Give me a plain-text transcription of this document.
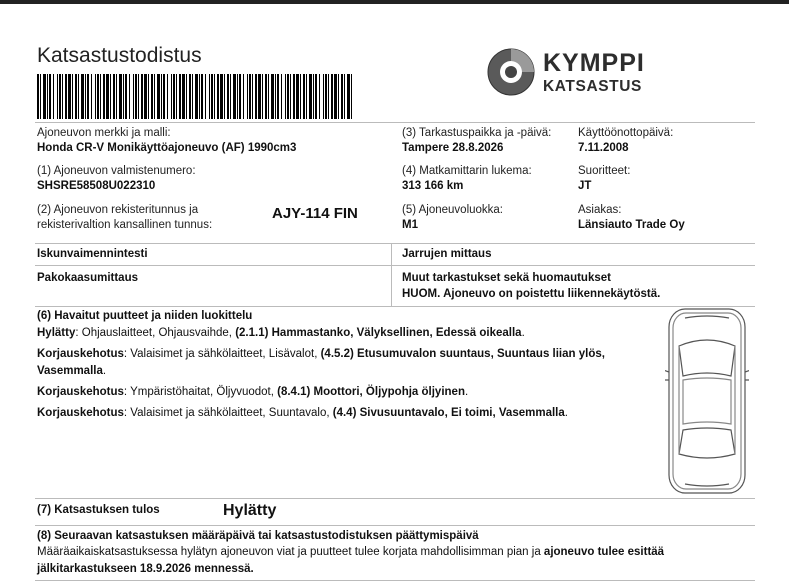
Katsastustodistus	KYMPPI
KATSASTUS
Ajoneuvon merkki ja malli:
Honda CR-V Monikäyttöajoneuvo (AF) 1990cm3
(1) Ajoneuvon valmistenumero:
SHSRE58508U022310
(2) Ajoneuvon rekisteritunnus ja
rekisterivaltion kansallinen tunnus:
AJY-114 FIN
(3) Tarkastuspaikka ja -päivä:
Tampere 28.8.2026
Käyttöönottopäivä:
7.11.2008
(4) Matkamittarin lukema:
313 166 km
Suoritteet:
JT
(5) Ajoneuvoluokka:
M1
Asiakas:
Länsiauto Trade Oy
Iskunvaimennintesti	Jarrujen mittaus
Pakokaasumittaus	Muut tarkastukset sekä huomautukset
HUOM. Ajoneuvo on poistettu liikennekäytöstä.
(6) Havaitut puutteet ja niiden luokittelu
Hylätty: Ohjauslaitteet, Ohjausvaihde, (2.1.1) Hammastanko, Välyksellinen, Edessä oikealla.
Korjauskehotus: Valaisimet ja sähkölaitteet, Lisävalot, (4.5.2) Etusumuvalon suuntaus, Suuntaus liian ylös, Vasemmalla.
Korjauskehotus: Ympäristöhaitat, Öljyvuodot, (8.4.1) Moottori, Öljypohja öljyinen.
Korjauskehotus: Valaisimet ja sähkölaitteet, Suuntavalo, (4.4) Sivusuuntavalo, Ei toimi, Vasemmalla.
(7) Katsastuksen tulos	Hylätty
(8) Seuraavan katsastuksen määräpäivä tai katsastustodistuksen päättymispäivä
Määräaikaiskatsastuksessa hylätyn ajoneuvon viat ja puutteet tulee korjata mahdollisimman pian ja ajoneuvo tulee esittää jälkitarkastukseen 18.9.2026 mennessä.
